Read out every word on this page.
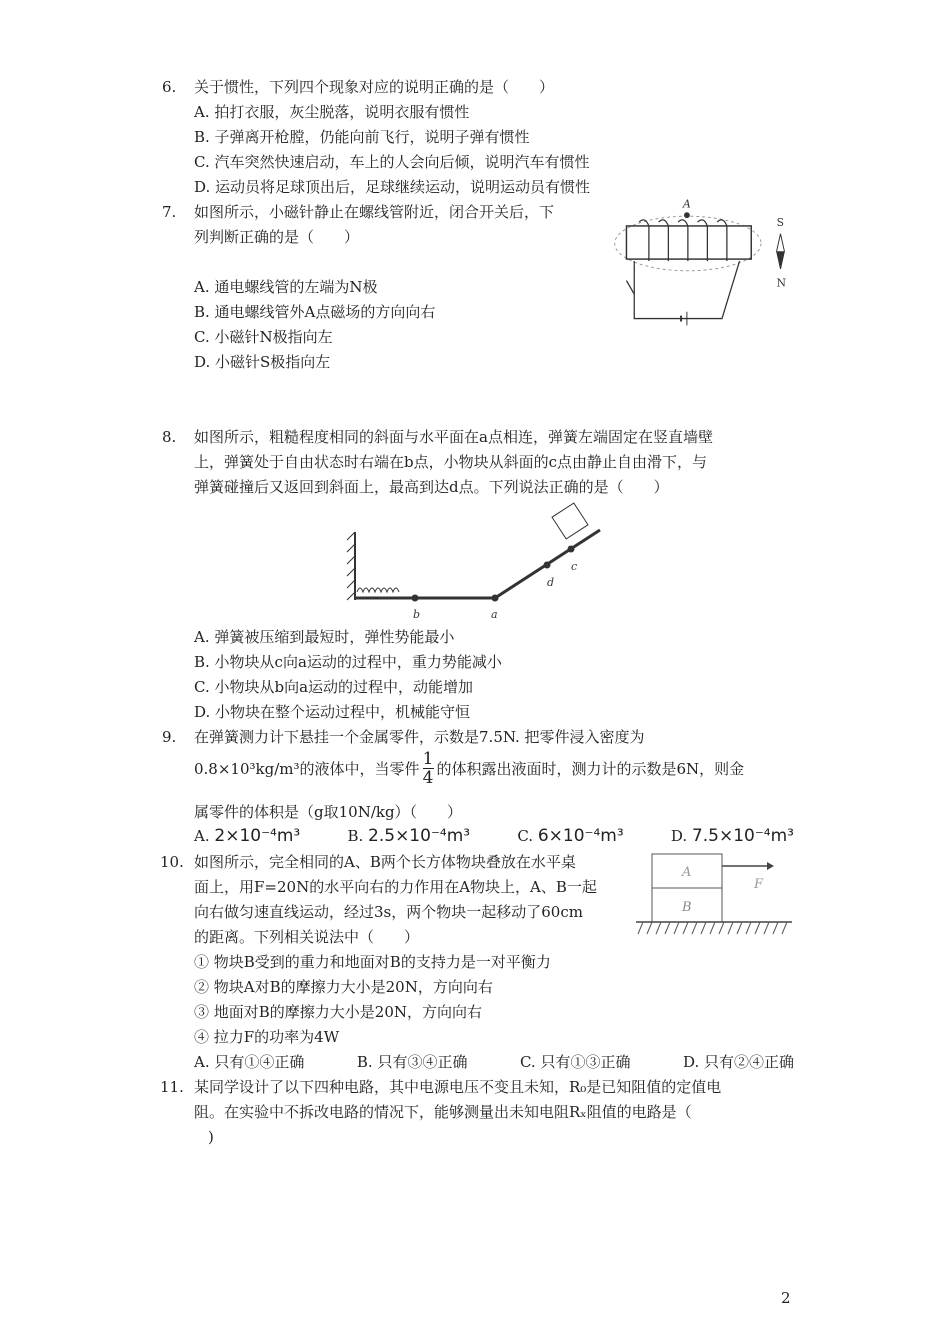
6. 关于惯性，下列四个现象对应的说明正确的是（　　）
A. 拍打衣服，灰尘脱落，说明衣服有惯性
B. 子弹离开枪膛，仍能向前飞行，说明子弹有惯性
C. 汽车突然快速启动，车上的人会向后倾，说明汽车有惯性
D. 运动员将足球顶出后，足球继续运动，说明运动员有惯性
7. 如图所示，小磁针静止在螺线管附近，闭合开关后，下
列判断正确的是（　　）
A. 通电螺线管的左端为N极
B. 通电螺线管外A点磁场的方向向右
C. 小磁针N极指向左
D. 小磁针S极指向左
A
S
N
8. 如图所示，粗糙程度相同的斜面与水平面在a点相连，弹簧左端固定在竖直墙壁
上，弹簧处于自由状态时右端在b点，小物块从斜面的c点由静止自由滑下，与
弹簧碰撞后又返回到斜面上，最高到达d点。下列说法正确的是（　　）
b	a
d
c
A. 弹簧被压缩到最短时，弹性势能最小
B. 小物块从c向a运动的过程中，重力势能减小
C. 小物块从b向a运动的过程中，动能增加
D. 小物块在整个运动过程中，机械能守恒
9. 在弹簧测力计下悬挂一个金属零件，示数是7.5N. 把零件浸入密度为
0.8×10³kg/m³的液体中，当零件 $\frac{1}{4}$ 的体积露出液面时，测力计的示数是6N，则金
属零件的体积是（g取10N/kg）（　　）
A. 2×10⁻⁴m³	B. 2.5×10⁻⁴m³	C. 6×10⁻⁴m³	D. 7.5×10⁻⁴m³
10. 如图所示，完全相同的A、B两个长方体物块叠放在水平桌
面上，用F=20N的水平向右的力作用在A物块上，A、B一起
向右做匀速直线运动，经过3s，两个物块一起移动了60cm
的距离。下列相关说法中（　　）
A
B
F
① 物块B受到的重力和地面对B的支持力是一对平衡力
② 物块A对B的摩擦力大小是20N，方向向右
③ 地面对B的摩擦力大小是20N，方向向右
④ 拉力F的功率为4W
A. 只有①④正确	B. 只有③④正确	C. 只有①③正确	D. 只有②④正确
11. 某同学设计了以下四种电路，其中电源电压不变且未知，R₀是已知阻值的定值电
阻。在实验中不拆改电路的情况下，能够测量出未知电阻Rₓ阻值的电路是（
)
2
